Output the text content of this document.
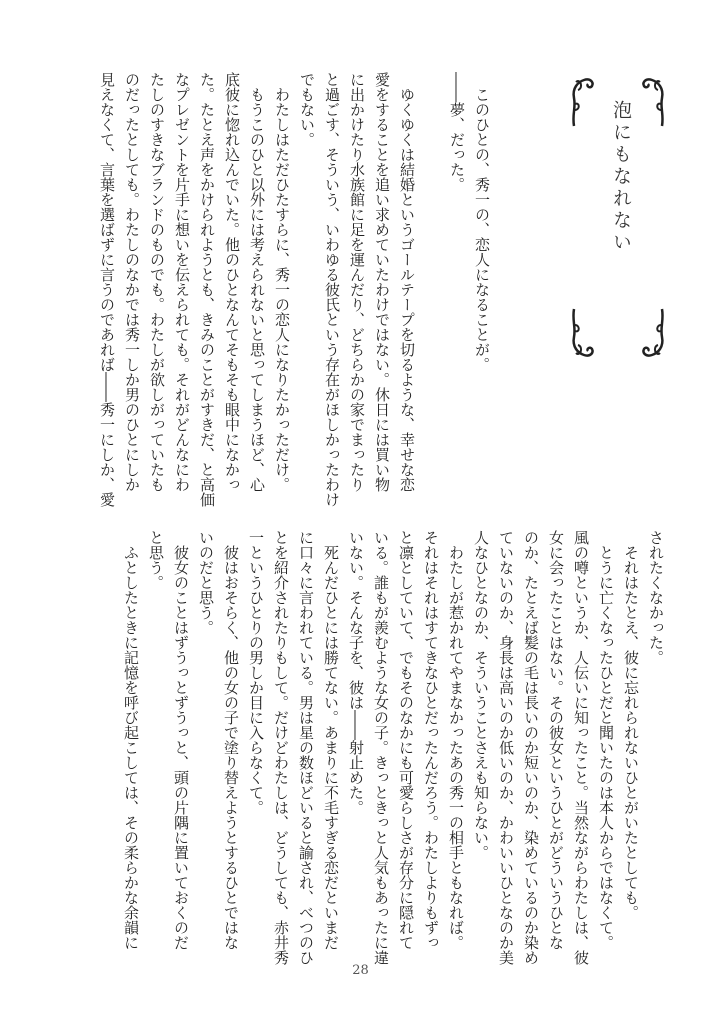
泡にもなれない
このひとの、秀一の、恋人になることが。
――夢、だった。
ゆくゆくは結婚というゴールテープを切るような、幸せな恋
愛をすることを追い求めていたわけではない。休日には買い物
に出かけたり水族館に足を運んだり、どちらかの家でまったり
と過ごす、そういう、いわゆる彼氏という存在がほしかったわけ
でもない。
わたしはただひたすらに、秀一の恋人になりたかっただけ。
もうこのひと以外には考えられないと思ってしまうほど、心
底彼に惚れ込んでいた。他のひとなんてそもそも眼中になかっ
た。たとえ声をかけられようとも、きみのことがすきだ、と高価
なプレゼントを片手に想いを伝えられても。それがどんなにわ
たしのすきなブランドのものでも。わたしが欲しがっていたも
のだったとしても。わたしのなかでは秀一しか男のひとにしか
見えなくて、言葉を選ばずに言うのであれば――秀一にしか、愛
されたくなかった。
それはたとえ、彼に忘れられないひとがいたとしても。
とうに亡くなったひとだと聞いたのは本人からではなくて。
風の噂というか、人伝いに知ったこと。当然ながらわたしは、彼
女に会ったことはない。その彼女というひとがどういうひとな
のか、たとえば髪の毛は長いのか短いのか、染めているのか染め
ていないのか、身長は高いのか低いのか、かわいいひとなのか美
人なひとなのか、そういうことさえも知らない。
わたしが惹かれてやまなかったあの秀一の相手ともなれば。
それはそれはすてきなひとだったんだろう。わたしよりもずっ
と凛としていて、でもそのなかにも可愛らしさが存分に隠れて
いる。誰もが羨むような女の子。きっときっと人気もあったに違
いない。そんな子を、彼は――射止めた。
死んだひとには勝てない。あまりに不毛すぎる恋だといまだ
に口々に言われている。男は星の数ほどいると諭され、べつのひ
とを紹介されたりもして。だけどわたしは、どうしても、赤井秀
一というひとりの男しか目に入らなくて。
彼はおそらく、他の女の子で塗り替えようとするひとではな
いのだと思う。
彼女のことはずうっとずうっと、頭の片隅に置いておくのだ
と思う。
ふとしたときに記憶を呼び起こしては、その柔らかな余韻に
28
